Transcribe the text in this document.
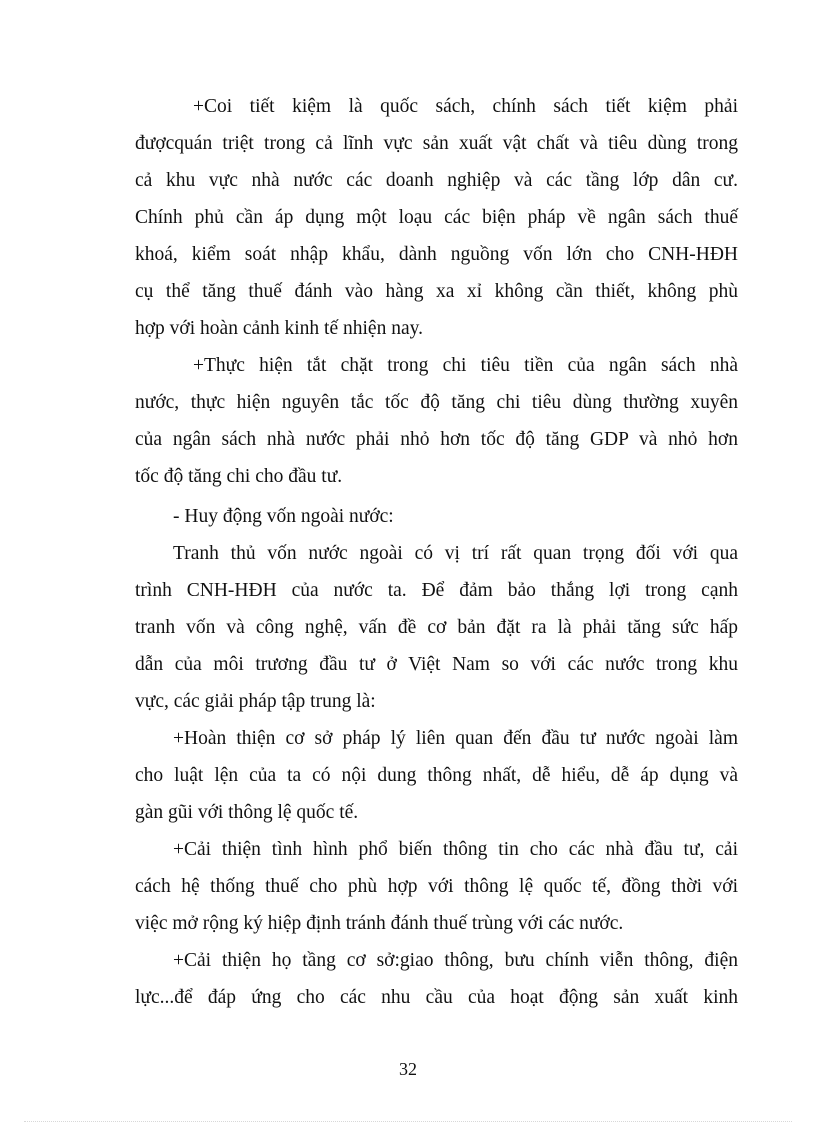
+Coi tiết kiệm là quốc sách, chính sách tiết kiệm phải
đượcquán triệt trong cả lĩnh vực sản xuất vật chất và tiêu dùng trong
cả khu vực nhà nước các doanh nghiệp và các tầng lớp dân cư.
Chính phủ cần áp dụng một loạu các biện pháp về ngân sách thuế
khoá, kiểm soát nhập khẩu, dành nguồng vốn lớn cho CNH-HĐH
cụ thể tăng thuế đánh vào hàng xa xỉ không cần thiết, không phù
hợp với hoàn cảnh kinh tế nhiện nay.
+Thực hiện tắt chặt trong chi tiêu tiền của ngân sách nhà
nước, thực hiện nguyên tắc tốc độ tăng chi tiêu dùng thường xuyên
của ngân sách nhà nước phải nhỏ hơn tốc độ tăng GDP và nhỏ hơn
tốc độ tăng chi cho đầu tư.
- Huy động vốn ngoài nước:
Tranh thủ vốn nước ngoài có vị trí rất quan trọng đối với qua
trình CNH-HĐH của nước ta. Để đảm bảo thắng lợi trong cạnh
tranh vốn và công nghệ, vấn đề cơ bản đặt ra là phải tăng sức hấp
dẫn của môi trương đầu tư ở Việt Nam so với các nước trong khu
vực, các giải pháp tập trung là:
+Hoàn thiện cơ sở pháp lý liên quan đến đầu tư nước ngoài làm
cho luật lện của ta có nội dung thông nhất, dễ hiểu, dễ áp dụng và
gàn gũi với thông lệ quốc tế.
+Cải thiện tình hình phổ biến thông tin cho các nhà đầu tư, cải
cách hệ thống thuế cho phù hợp với thông lệ quốc tế, đồng thời với
việc mở rộng ký hiệp định tránh đánh thuế trùng với các nước.
+Cải thiện họ tầng cơ sở:giao thông, bưu chính viễn thông, điện
lực...để đáp ứng cho các nhu cầu của hoạt động sản xuất kinh
32
